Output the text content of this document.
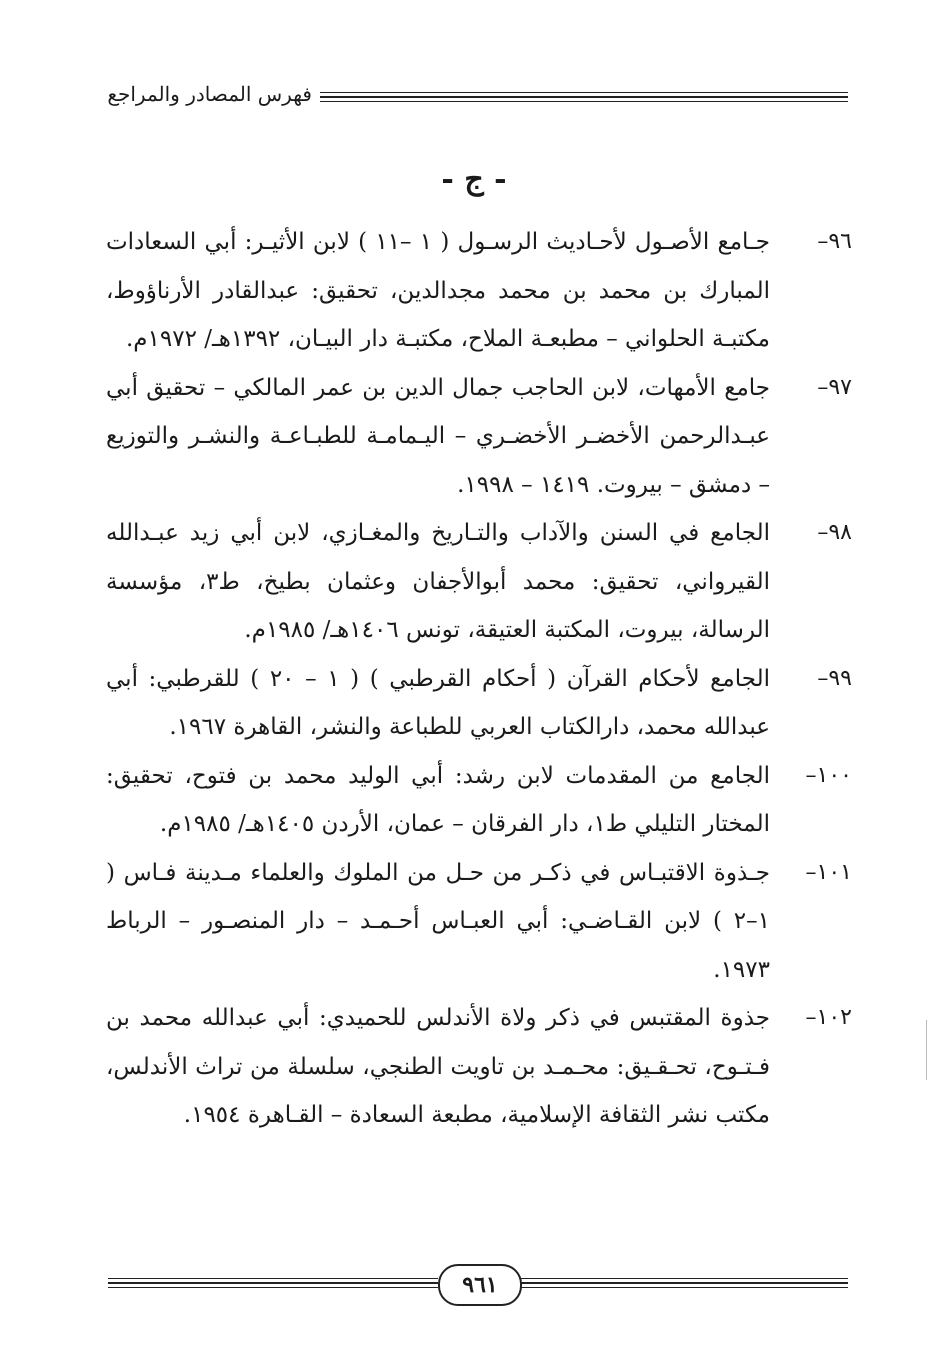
فهرس المصادر والمراجع
- ج -
٩٦–
جـامع الأصـول لأحـاديث الرسـول ( ١ –١١ ) لابن الأثيـر: أبي السعادات المبارك بن محمد بن محمد مجدالدين، تحقيق: عبدالقادر الأرناؤوط، مكتبـة الحلواني – مطبعـة الملاح، مكتبـة دار البيـان، ١٣٩٢هـ/ ١٩٧٢م.
٩٧–
جامع الأمهات، لابن الحاجب جمال الدين بن عمر المالكي – تحقيق أبي عبـدالرحمن الأخضـر الأخضـري – اليـمامـة للطبـاعـة والنشـر والتوزيع – دمشق – بيروت. ١٤١٩ – ١٩٩٨.
٩٨–
الجامع في السنن والآداب والتـاريخ والمغـازي، لابن أبي زيد عبـدالله القيرواني، تحقيق: محمد أبوالأجفان وعثمان بطيخ، ط٣، مؤسسة الرسالة، بيروت، المكتبة العتيقة، تونس ١٤٠٦هـ/ ١٩٨٥م.
٩٩–
الجامع لأحكام القرآن ( أحكام القرطبي ) ( ١ – ٢٠ ) للقرطبي: أبي عبدالله محمد، دارالكتاب العربي للطباعة والنشر، القاهرة ١٩٦٧.
١٠٠–
الجامع من المقدمات لابن رشد: أبي الوليد محمد بن فتوح، تحقيق: المختار التليلي ط١، دار الفرقان – عمان، الأردن ١٤٠٥هـ/ ١٩٨٥م.
١٠١–
جـذوة الاقتبـاس في ذكـر من حـل من الملوك والعلماء مـدينة فـاس ( ١–٢ ) لابن القـاضـي: أبي العبـاس أحـمـد – دار المنصـور – الرباط ١٩٧٣.
١٠٢–
جذوة المقتبس في ذكر ولاة الأندلس للحميدي: أبي عبدالله محمد بن فـتـوح، تحـقـيق: محـمـد بن تاويت الطنجي، سلسلة من تراث الأندلس، مكتب نشر الثقافة الإسلامية، مطبعة السعادة – القـاهرة ١٩٥٤.
٩٦١
